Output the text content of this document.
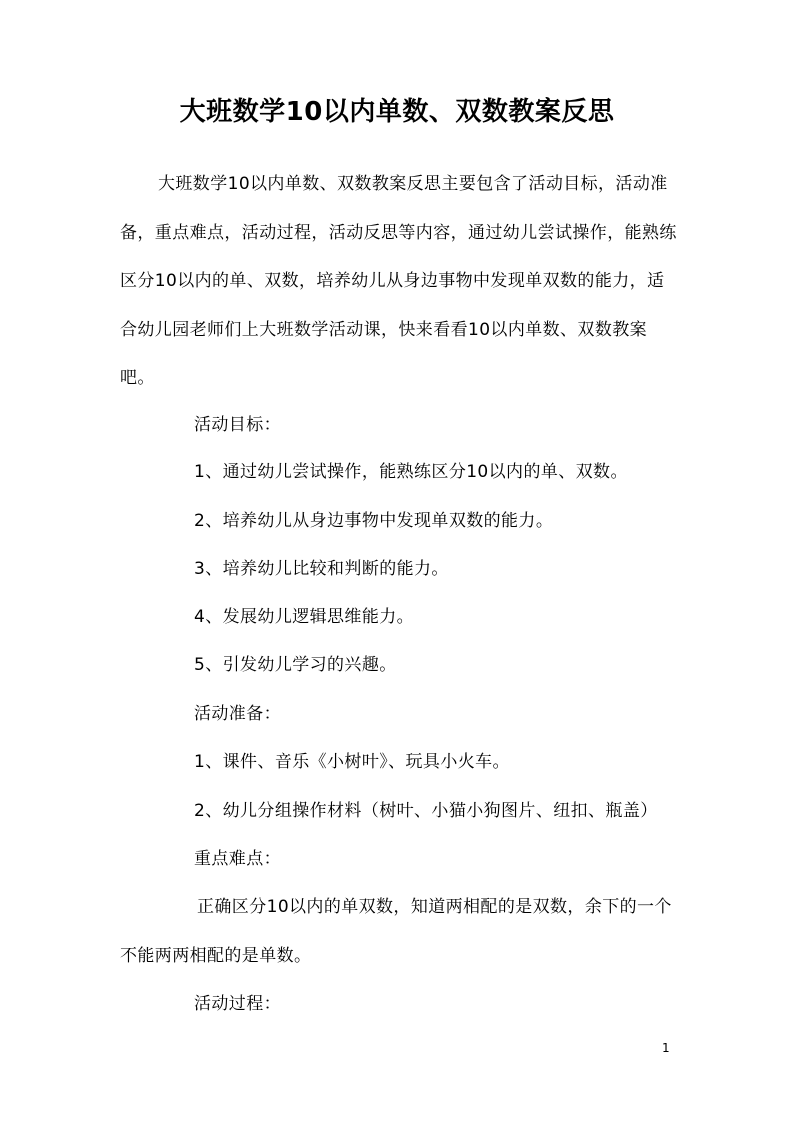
大班数学10以内单数、双数教案反思

大班数学10以内单数、双数教案反思主要包含了活动目标，活动准备，重点难点，活动过程，活动反思等内容，通过幼儿尝试操作，能熟练区分10以内的单、双数，培养幼儿从身边事物中发现单双数的能力，适合幼儿园老师们上大班数学活动课，快来看看10以内单数、双数教案吧。

活动目标：

1、通过幼儿尝试操作，能熟练区分10以内的单、双数。

2、培养幼儿从身边事物中发现单双数的能力。

3、培养幼儿比较和判断的能力。

4、发展幼儿逻辑思维能力。

5、引发幼儿学习的兴趣。

活动准备：

1、课件、音乐《小树叶》、玩具小火车。

2、幼儿分组操作材料（树叶、小猫小狗图片、纽扣、瓶盖）

重点难点：

正确区分10以内的单双数，知道两相配的是双数，余下的一个不能两两相配的是单数。

活动过程：

1
